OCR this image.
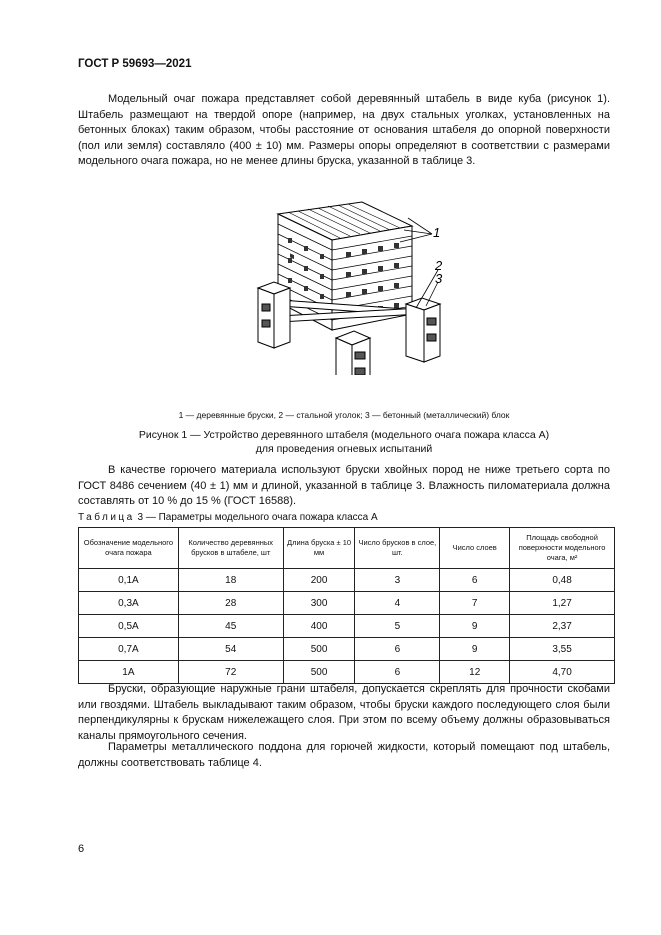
ГОСТ Р 59693—2021

Модельный очаг пожара представляет собой деревянный штабель в виде куба (рисунок 1). Штабель размещают на твердой опоре (например, на двух стальных уголках, установленных на бетонных блоках) таким образом, чтобы расстояние от основания штабеля до опорной поверхности (пол или земля) составляло (400 ± 10) мм. Размеры опоры определяют в соответствии с размерами модельного очага пожара, но не менее длины бруска, указанной в таблице 3.

1
2
3
1 — деревянные бруски, 2 — стальной уголок; 3 — бетонный (металлический) блок
Рисунок 1 — Устройство деревянного штабеля (модельного очага пожара класса А)
для проведения огневых испытаний

В качестве горючего материала используют бруски хвойных пород не ниже третьего сорта по ГОСТ 8486 сечением (40 ± 1) мм и длиной, указанной в таблице 3. Влажность пиломатериала должна составлять от 10 % до 15 % (ГОСТ 16588).

Таблица 3 — Параметры модельного очага пожара класса А
Обозначение модельного очага пожара	Количество деревянных брусков в штабеле, шт	Длина бруска ± 10 мм	Число брусков в слое, шт.	Число слоев	Площадь свободной поверхности модельного очага, м²
0,1А	18	200	3	6	0,48
0,3А	28	300	4	7	1,27
0,5А	45	400	5	9	2,37
0,7А	54	500	6	9	3,55
1А	72	500	6	12	4,70

Бруски, образующие наружные грани штабеля, допускается скреплять для прочности скобами или гвоздями. Штабель выкладывают таким образом, чтобы бруски каждого последующего слоя были перпендикулярны к брускам нижележащего слоя. При этом по всему объему должны образовываться каналы прямоугольного сечения.

Параметры металлического поддона для горючей жидкости, который помещают под штабель, должны соответствовать таблице 4.

6
